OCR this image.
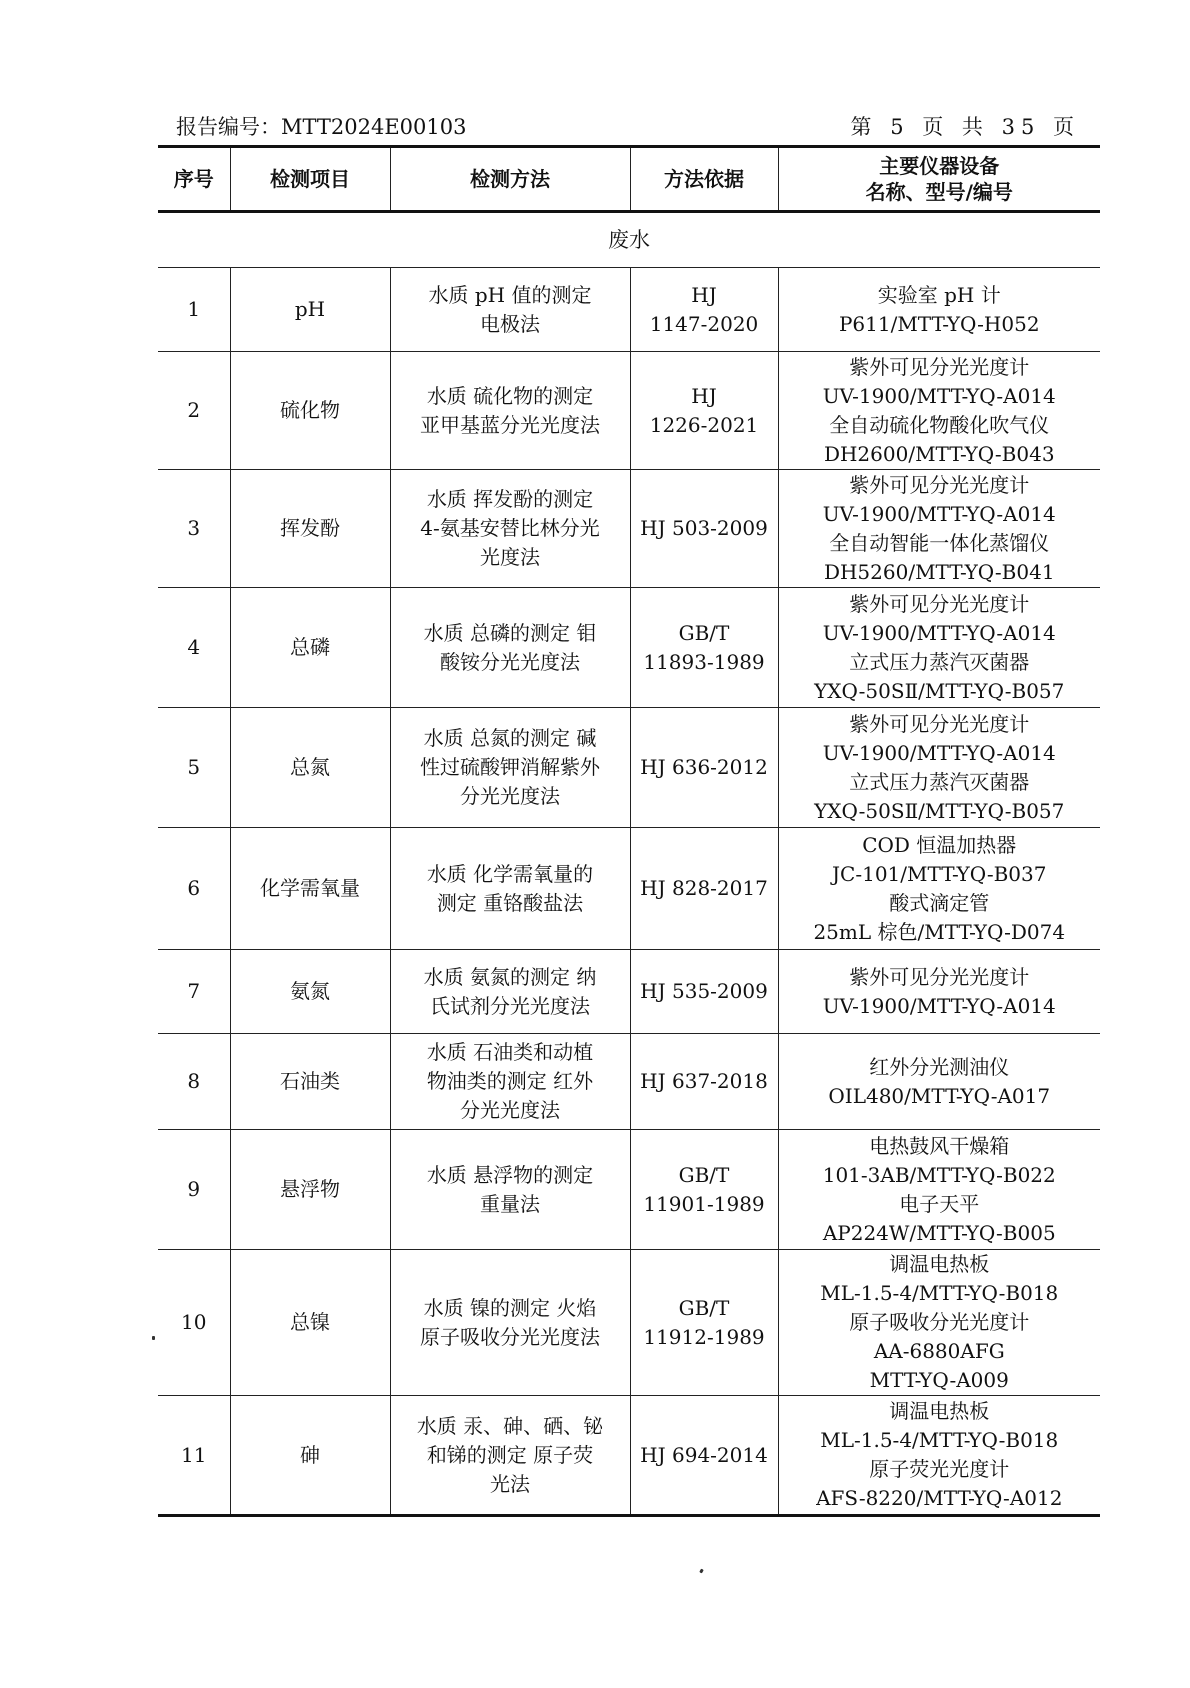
报告编号：MTT2024E00103	第 5 页 共 35 页
序号	检测项目	检测方法	方法依据	主要仪器设备
名称、型号/编号

废水				
1	pH	水质 pH 值的测定
电极法	HJ
1147-2020	实验室 pH 计
P611/MTT-YQ-H052

2	硫化物	水质 硫化物的测定
亚甲基蓝分光光度法	HJ
1226-2021	紫外可见分光光度计
UV-1900/MTT-YQ-A014
全自动硫化物酸化吹气仪
DH2600/MTT-YQ-B043

3	挥发酚	水质 挥发酚的测定
4-氨基安替比林分光
光度法	HJ 503-2009	紫外可见分光光度计
UV-1900/MTT-YQ-A014
全自动智能一体化蒸馏仪
DH5260/MTT-YQ-B041

4	总磷	水质 总磷的测定 钼
酸铵分光光度法	GB/T
11893-1989	紫外可见分光光度计
UV-1900/MTT-YQ-A014
立式压力蒸汽灭菌器
YXQ-50SⅡ/MTT-YQ-B057

5	总氮	水质 总氮的测定 碱
性过硫酸钾消解紫外
分光光度法	HJ 636-2012	紫外可见分光光度计
UV-1900/MTT-YQ-A014
立式压力蒸汽灭菌器
YXQ-50SⅡ/MTT-YQ-B057

6	化学需氧量	水质 化学需氧量的
测定 重铬酸盐法	HJ 828-2017	COD 恒温加热器
JC-101/MTT-YQ-B037
酸式滴定管
25mL 棕色/MTT-YQ-D074

7	氨氮	水质 氨氮的测定 纳
氏试剂分光光度法	HJ 535-2009	紫外可见分光光度计
UV-1900/MTT-YQ-A014

8	石油类	水质 石油类和动植
物油类的测定 红外
分光光度法	HJ 637-2018	红外分光测油仪
OIL480/MTT-YQ-A017

9	悬浮物	水质 悬浮物的测定
重量法	GB/T
11901-1989	电热鼓风干燥箱
101-3AB/MTT-YQ-B022
电子天平
AP224W/MTT-YQ-B005

10	总镍	水质 镍的测定 火焰
原子吸收分光光度法	GB/T
11912-1989	调温电热板
ML-1.5-4/MTT-YQ-B018
原子吸收分光光度计
AA-6880AFG
MTT-YQ-A009

11	砷	水质 汞、砷、硒、铋
和锑的测定 原子荧
光法	HJ 694-2014	调温电热板
ML-1.5-4/MTT-YQ-B018
原子荧光光度计
AFS-8220/MTT-YQ-A012
